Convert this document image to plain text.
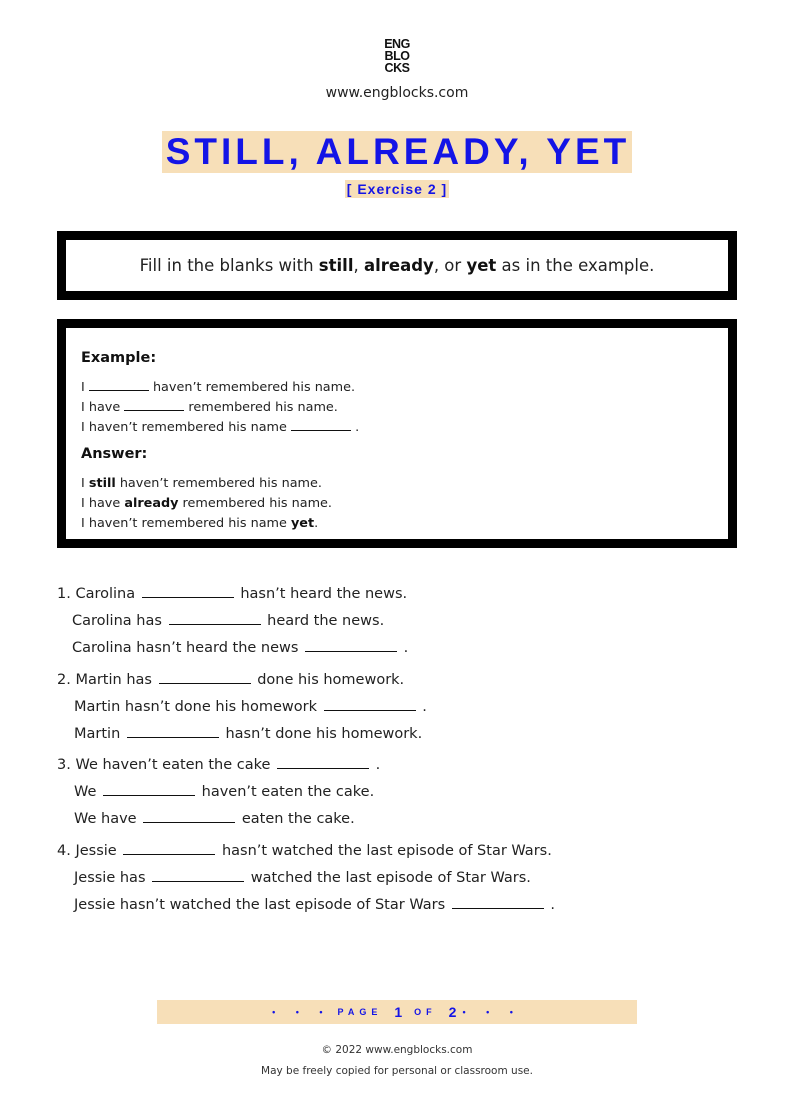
ENG
BLO
CKS
www.engblocks.com
STILL, ALREADY, YET
[ Exercise 2 ]
Fill in the blanks with still, already, or yet as in the example.
Example:
I	haven’t remembered his name.
I have	remembered his name.
I haven’t remembered his name	.
Answer:
I still haven’t remembered his name.
I have already remembered his name.
I haven’t remembered his name yet.
1. Carolina	hasn’t heard the news.
Carolina has	heard the news.
Carolina hasn’t heard the news	.
2. Martin has	done his homework.
Martin hasn’t done his homework	.
Martin	hasn’t done his homework.
3. We haven’t eaten the cake	.
We	haven’t eaten the cake.
We have	eaten the cake.
4. Jessie	hasn’t watched the last episode of Star Wars.
Jessie has	watched the last episode of Star Wars.
Jessie hasn’t watched the last episode of Star Wars	.
• • • PAGE 1 OF 2 • • •
© 2022 www.engblocks.com
May be freely copied for personal or classroom use.
